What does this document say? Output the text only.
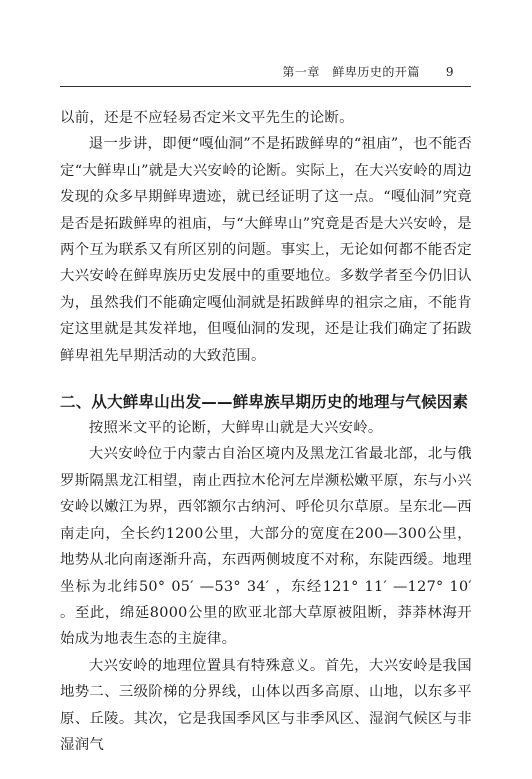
第一章　鲜卑历史的开篇 9

以前，还是不应轻易否定米文平先生的论断。

退一步讲，即便“嘎仙洞”不是拓跋鲜卑的“祖庙”，也不能否定“大鲜卑山”就是大兴安岭的论断。实际上，在大兴安岭的周边发现的众多早期鲜卑遗迹，就已经证明了这一点。“嘎仙洞”究竟是否是拓跋鲜卑的祖庙，与“大鲜卑山”究竟是否是大兴安岭，是两个互为联系又有所区别的问题。事实上，无论如何都不能否定大兴安岭在鲜卑族历史发展中的重要地位。多数学者至今仍旧认为，虽然我们不能确定嘎仙洞就是拓跋鲜卑的祖宗之庙，不能肯定这里就是其发祥地，但嘎仙洞的发现，还是让我们确定了拓跋鲜卑祖先早期活动的大致范围。

二、从大鲜卑山出发——鲜卑族早期历史的地理与气候因素

按照米文平的论断，大鲜卑山就是大兴安岭。

大兴安岭位于内蒙古自治区境内及黑龙江省最北部，北与俄罗斯隔黑龙江相望，南止西拉木伦河左岸濒松嫩平原，东与小兴安岭以嫩江为界，西邻额尔古纳河、呼伦贝尔草原。呈东北—西南走向，全长约1200公里，大部分的宽度在200—300公里，地势从北向南逐渐升高，东西两侧坡度不对称，东陡西缓。地理坐标为北纬50° 05′ —53° 34′ ，东经121° 11′ —127° 10′ 。至此，绵延8000公里的欧亚北部大草原被阻断，莽莽林海开始成为地表生态的主旋律。

大兴安岭的地理位置具有特殊意义。首先，大兴安岭是我国地势二、三级阶梯的分界线，山体以西多高原、山地，以东多平原、丘陵。其次，它是我国季风区与非季风区、湿润气候区与非湿润气
